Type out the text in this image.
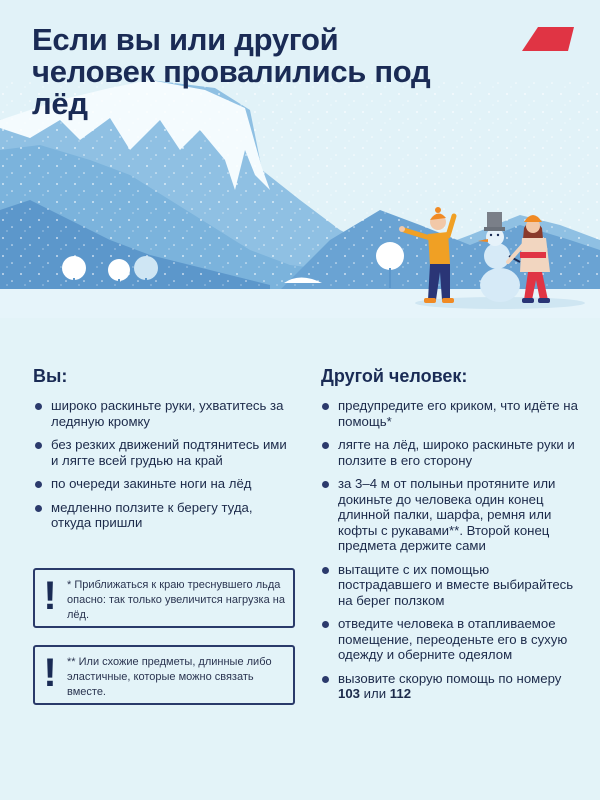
Если вы или другой человек провалились под лёд
Вы:
широко раскиньте руки, ухватитесь за ледяную кромку
без резких движений подтянитесь ими и лягте всей грудью на край
по очереди закиньте ноги на лёд
медленно ползите к берегу туда, откуда пришли
! * Приближаться к краю треснувшего льда опасно: так только увеличится нагрузка на лёд.
! ** Или схожие предметы, длинные либо эластичные, которые можно связать вместе.
Другой человек:
предупредите его криком, что идёте на помощь*
лягте на лёд, широко раскиньте руки и ползите в его сторону
за 3–4 м от полыньи протяните или докиньте до человека один конец длинной палки, шарфа, ремня или кофты с рукавами**. Второй конец предмета держите сами
вытащите с их помощью пострадавшего и вместе выбирайтесь на берег ползком
отведите человека в отапливаемое помещение, переоденьте его в сухую одежду и оберните одеялом
вызовите скорую помощь по номеру 103 или 112
